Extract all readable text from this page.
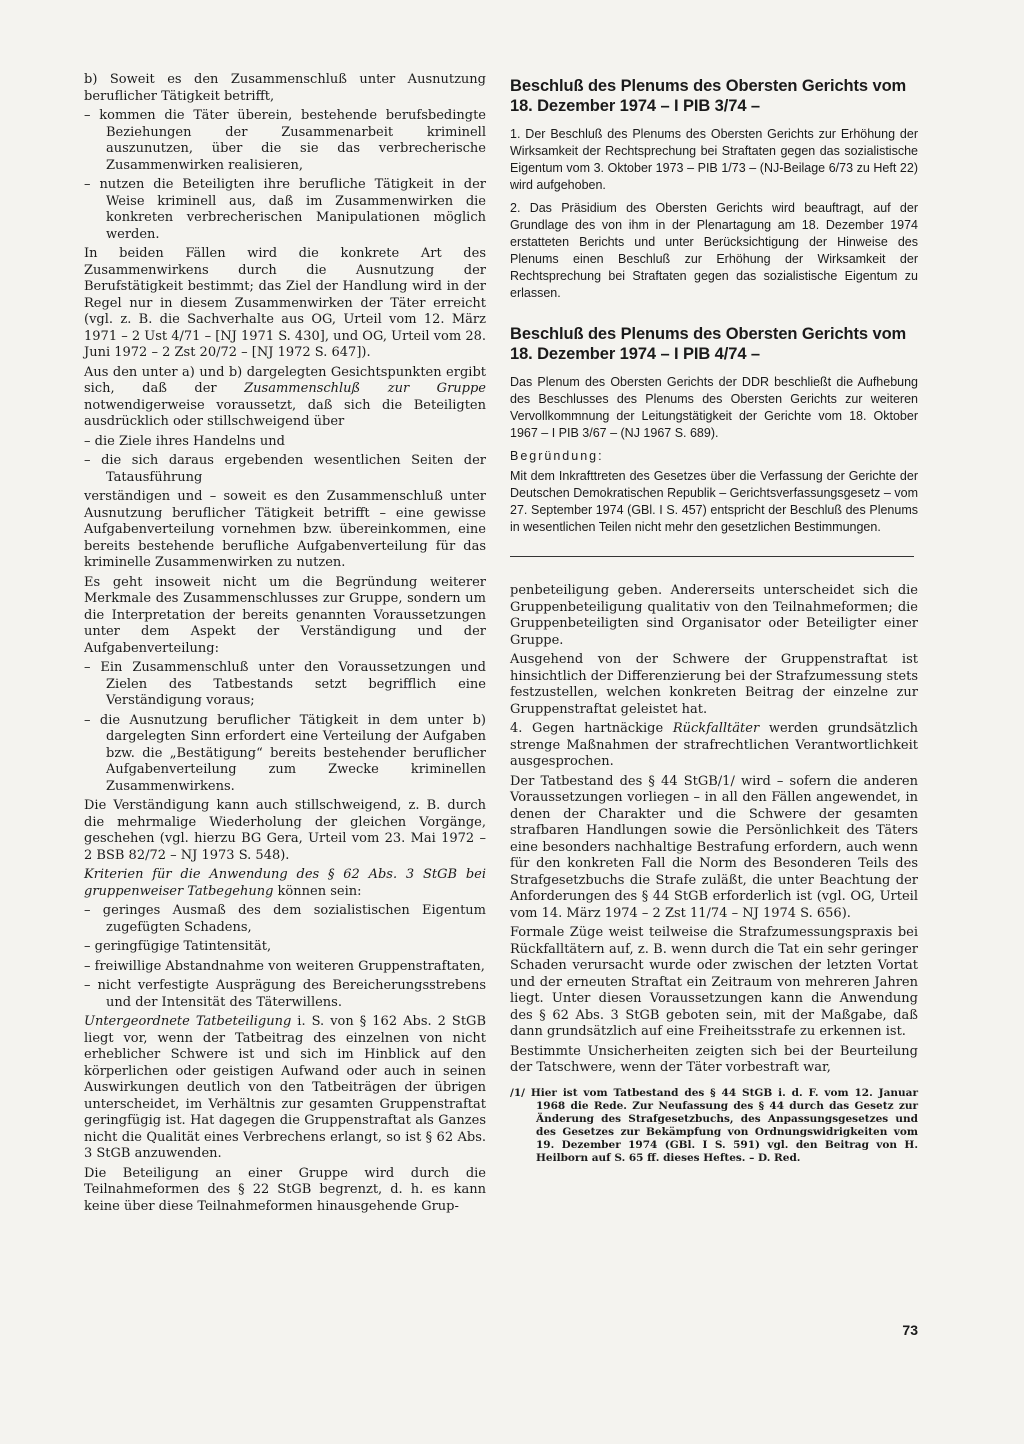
b) Soweit es den Zusammenschluß unter Ausnutzung beruflicher Tätigkeit betrifft,

– kommen die Täter überein, bestehende berufsbedingte Beziehungen der Zusammenarbeit kriminell auszunutzen, über die sie das verbrecherische Zusammenwirken realisieren,

– nutzen die Beteiligten ihre berufliche Tätigkeit in der Weise kriminell aus, daß im Zusammenwirken die konkreten verbrecherischen Manipulationen möglich werden.

In beiden Fällen wird die konkrete Art des Zusammenwirkens durch die Ausnutzung der Berufstätigkeit bestimmt; das Ziel der Handlung wird in der Regel nur in diesem Zusammenwirken der Täter erreicht (vgl. z. B. die Sachverhalte aus OG, Urteil vom 12. März 1971 – 2 Ust 4/71 – [NJ 1971 S. 430], und OG, Urteil vom 28. Juni 1972 – 2 Zst 20/72 – [NJ 1972 S. 647]).

Aus den unter a) und b) dargelegten Gesichtspunkten ergibt sich, daß der Zusammenschluß zur Gruppe notwendigerweise voraussetzt, daß sich die Beteiligten ausdrücklich oder stillschweigend über

– die Ziele ihres Handelns und

– die sich daraus ergebenden wesentlichen Seiten der Tatausführung

verständigen und – soweit es den Zusammenschluß unter Ausnutzung beruflicher Tätigkeit betrifft – eine gewisse Aufgabenverteilung vornehmen bzw. übereinkommen, eine bereits bestehende berufliche Aufgabenverteilung für das kriminelle Zusammenwirken zu nutzen.

Es geht insoweit nicht um die Begründung weiterer Merkmale des Zusammenschlusses zur Gruppe, sondern um die Interpretation der bereits genannten Voraussetzungen unter dem Aspekt der Verständigung und der Aufgabenverteilung:

– Ein Zusammenschluß unter den Voraussetzungen und Zielen des Tatbestands setzt begrifflich eine Verständigung voraus;

– die Ausnutzung beruflicher Tätigkeit in dem unter b) dargelegten Sinn erfordert eine Verteilung der Aufgaben bzw. die „Bestätigung“ bereits bestehender beruflicher Aufgabenverteilung zum Zwecke kriminellen Zusammenwirkens.

Die Verständigung kann auch stillschweigend, z. B. durch die mehrmalige Wiederholung der gleichen Vorgänge, geschehen (vgl. hierzu BG Gera, Urteil vom 23. Mai 1972 – 2 BSB 82/72 – NJ 1973 S. 548).

Kriterien für die Anwendung des § 62 Abs. 3 StGB bei gruppenweiser Tatbegehung können sein:

– geringes Ausmaß des dem sozialistischen Eigentum zugefügten Schadens,

– geringfügige Tatintensität,

– freiwillige Abstandnahme von weiteren Gruppenstraftaten,

– nicht verfestigte Ausprägung des Bereicherungsstrebens und der Intensität des Täterwillens.

Untergeordnete Tatbeteiligung i. S. von § 162 Abs. 2 StGB liegt vor, wenn der Tatbeitrag des einzelnen von nicht erheblicher Schwere ist und sich im Hinblick auf den körperlichen oder geistigen Aufwand oder auch in seinen Auswirkungen deutlich von den Tatbeiträgen der übrigen unterscheidet, im Verhältnis zur gesamten Gruppenstraftat geringfügig ist. Hat dagegen die Gruppenstraftat als Ganzes nicht die Qualität eines Verbrechens erlangt, so ist § 62 Abs. 3 StGB anzuwenden.

Die Beteiligung an einer Gruppe wird durch die Teilnahmeformen des § 22 StGB begrenzt, d. h. es kann keine über diese Teilnahmeformen hinausgehende Grup-

Beschluß des Plenums des Obersten Gerichts vom 18. Dezember 1974 – I PIB 3/74 –

1. Der Beschluß des Plenums des Obersten Gerichts zur Erhöhung der Wirksamkeit der Rechtsprechung bei Straftaten gegen das sozialistische Eigentum vom 3. Oktober 1973 – PIB 1/73 – (NJ-Beilage 6/73 zu Heft 22) wird aufgehoben.

2. Das Präsidium des Obersten Gerichts wird beauftragt, auf der Grundlage des von ihm in der Plenartagung am 18. Dezember 1974 erstatteten Berichts und unter Berücksichtigung der Hinweise des Plenums einen Beschluß zur Erhöhung der Wirksamkeit der Rechtsprechung bei Straftaten gegen das sozialistische Eigentum zu erlassen.

Beschluß des Plenums des Obersten Gerichts vom 18. Dezember 1974 – I PIB 4/74 –

Das Plenum des Obersten Gerichts der DDR beschließt die Aufhebung des Beschlusses des Plenums des Obersten Gerichts zur weiteren Vervollkommnung der Leitungstätigkeit der Gerichte vom 18. Oktober 1967 – I PIB 3/67 – (NJ 1967 S. 689).

Begründung:

Mit dem Inkrafttreten des Gesetzes über die Verfassung der Gerichte der Deutschen Demokratischen Republik – Gerichtsverfassungsgesetz – vom 27. September 1974 (GBl. I S. 457) entspricht der Beschluß des Plenums in wesentlichen Teilen nicht mehr den gesetzlichen Bestimmungen.

penbeteiligung geben. Andererseits unterscheidet sich die Gruppenbeteiligung qualitativ von den Teilnahmeformen; die Gruppenbeteiligten sind Organisator oder Beteiligter einer Gruppe.

Ausgehend von der Schwere der Gruppenstraftat ist hinsichtlich der Differenzierung bei der Strafzumessung stets festzustellen, welchen konkreten Beitrag der einzelne zur Gruppenstraftat geleistet hat.

4. Gegen hartnäckige Rückfalltäter werden grundsätzlich strenge Maßnahmen der strafrechtlichen Verantwortlichkeit ausgesprochen.

Der Tatbestand des § 44 StGB/1/ wird – sofern die anderen Voraussetzungen vorliegen – in all den Fällen angewendet, in denen der Charakter und die Schwere der gesamten strafbaren Handlungen sowie die Persönlichkeit des Täters eine besonders nachhaltige Bestrafung erfordern, auch wenn für den konkreten Fall die Norm des Besonderen Teils des Strafgesetzbuchs die Strafe zuläßt, die unter Beachtung der Anforderungen des § 44 StGB erforderlich ist (vgl. OG, Urteil vom 14. März 1974 – 2 Zst 11/74 – NJ 1974 S. 656).

Formale Züge weist teilweise die Strafzumessungspraxis bei Rückfalltätern auf, z. B. wenn durch die Tat ein sehr geringer Schaden verursacht wurde oder zwischen der letzten Vortat und der erneuten Straftat ein Zeitraum von mehreren Jahren liegt. Unter diesen Voraussetzungen kann die Anwendung des § 62 Abs. 3 StGB geboten sein, mit der Maßgabe, daß dann grundsätzlich auf eine Freiheitsstrafe zu erkennen ist.

Bestimmte Unsicherheiten zeigten sich bei der Beurteilung der Tatschwere, wenn der Täter vorbestraft war,

/1/ Hier ist vom Tatbestand des § 44 StGB i. d. F. vom 12. Januar 1968 die Rede. Zur Neufassung des § 44 durch das Gesetz zur Änderung des Strafgesetzbuchs, des Anpassungsgesetzes und des Gesetzes zur Bekämpfung von Ordnungswidrigkeiten vom 19. Dezember 1974 (GBl. I S. 591) vgl. den Beitrag von H. Heilborn auf S. 65 ff. dieses Heftes. – D. Red.

73
